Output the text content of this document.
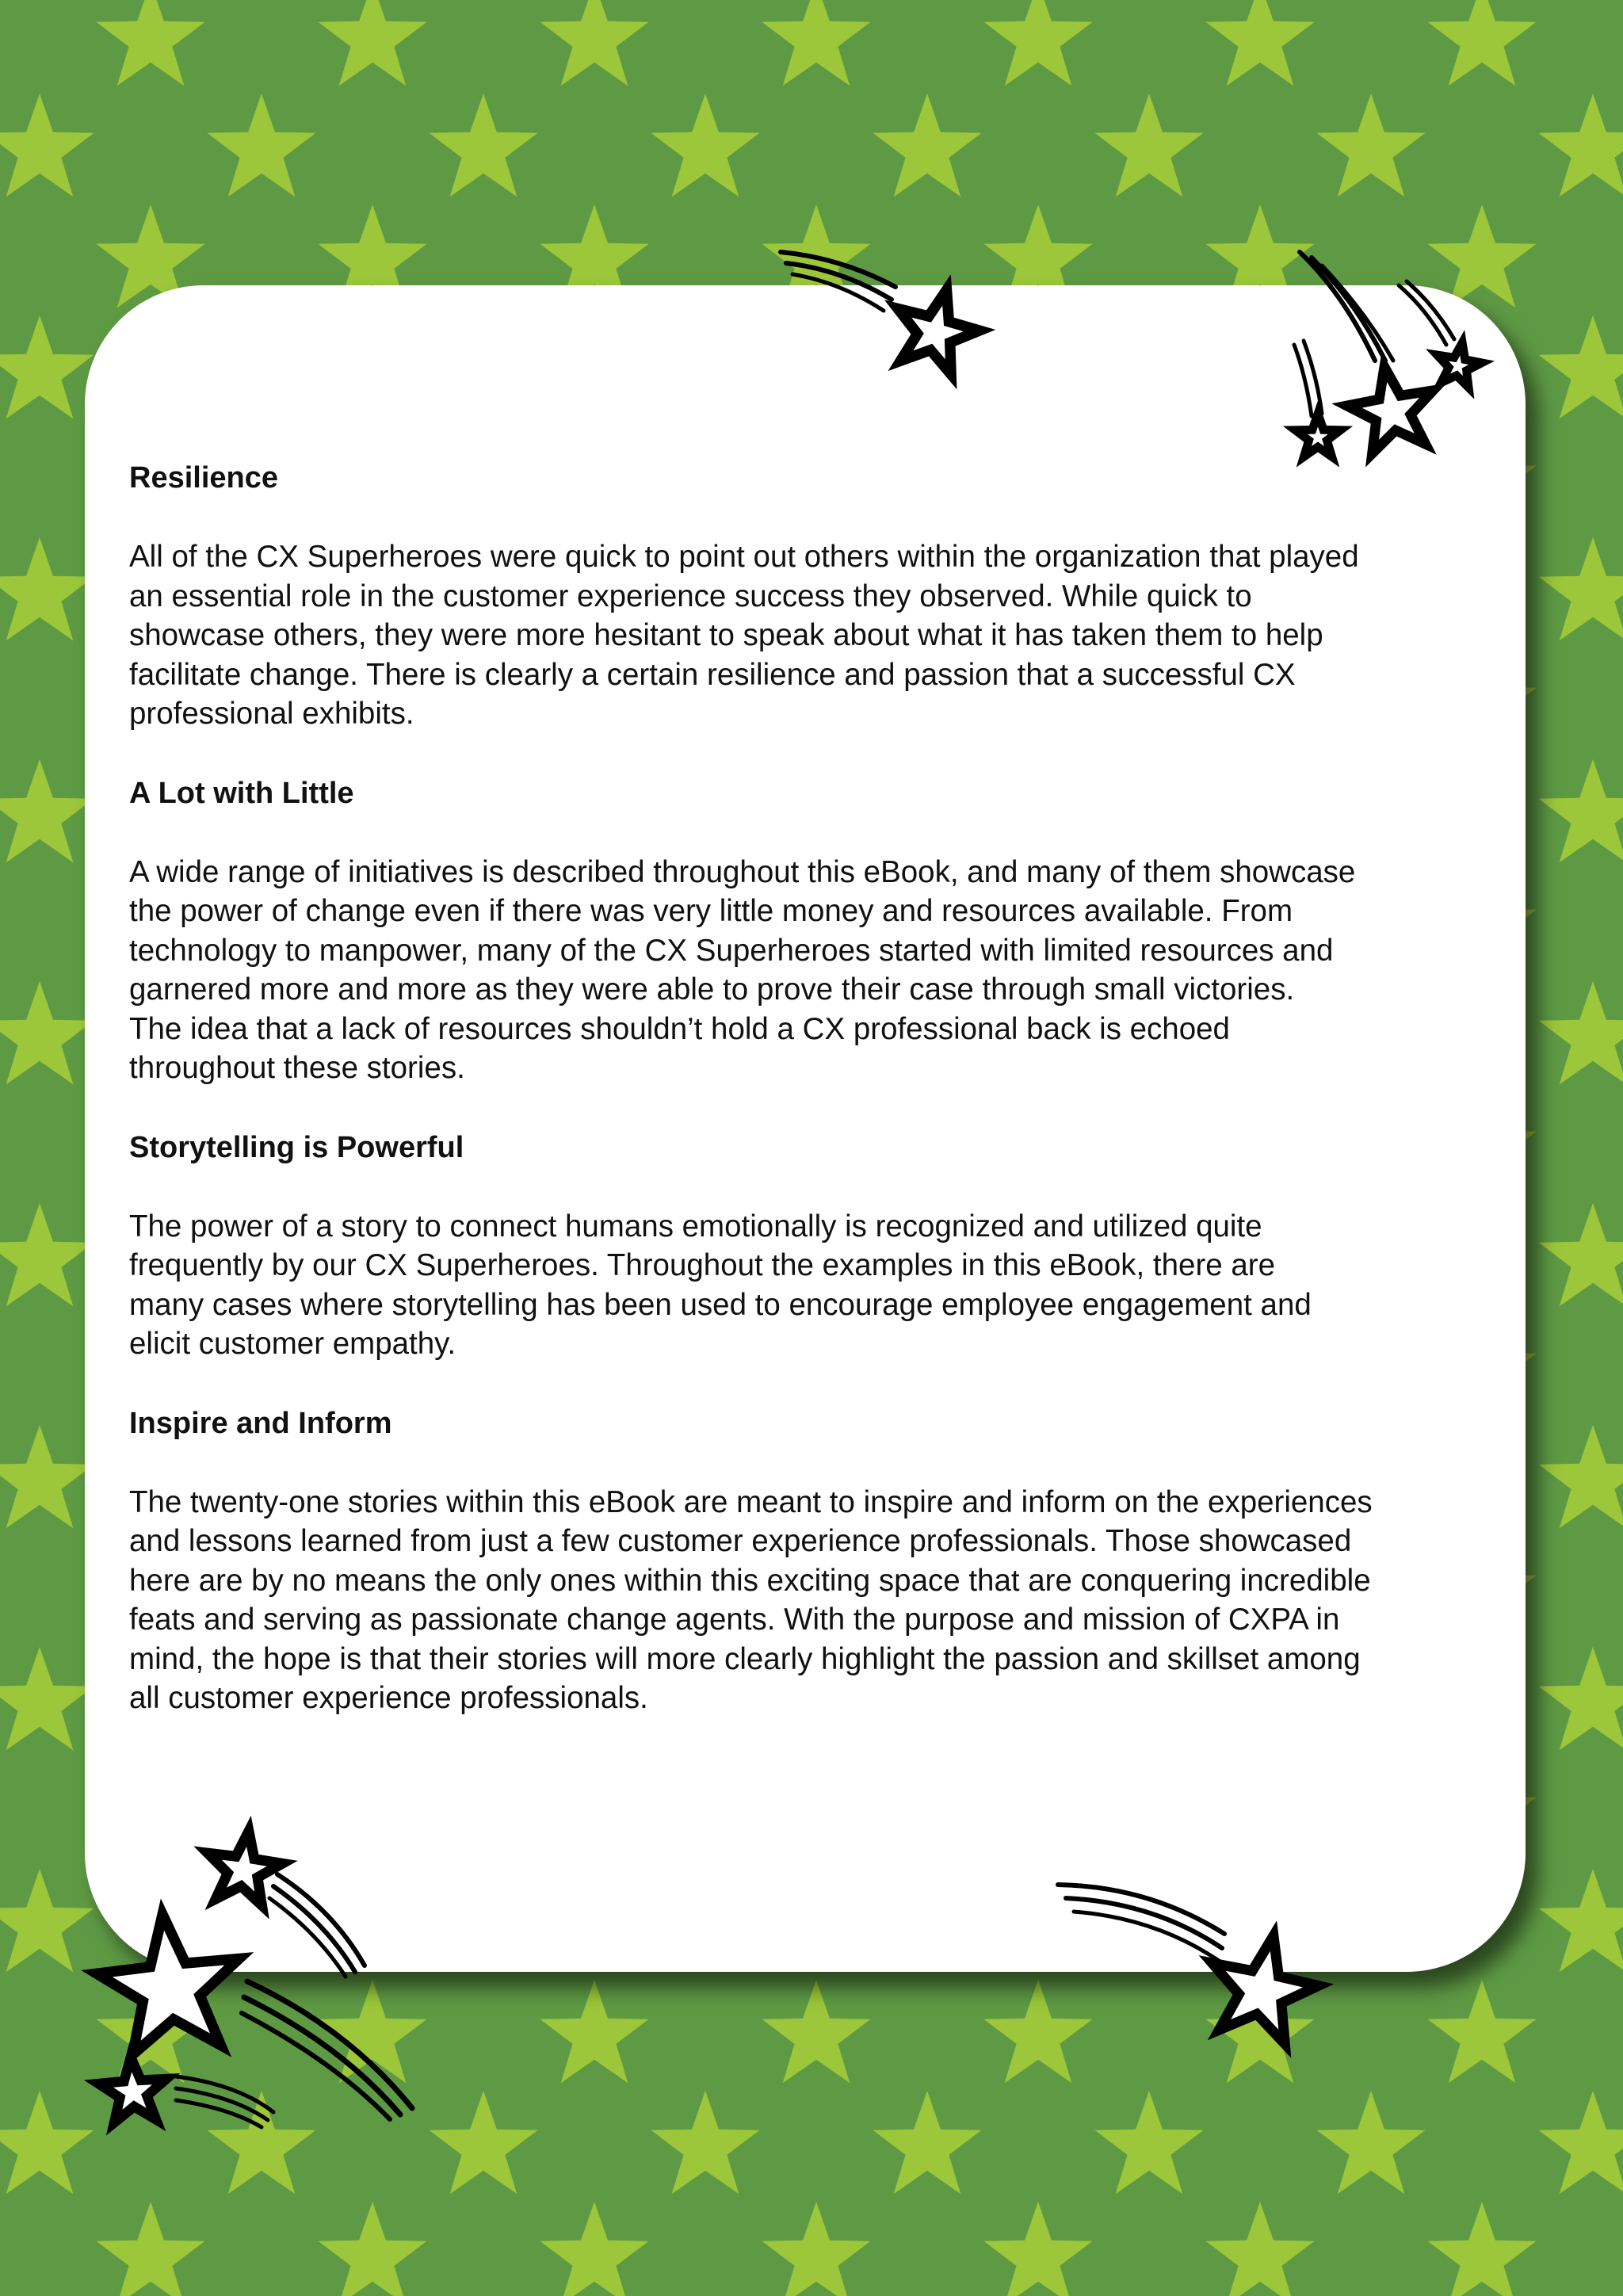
Resilience

All of the CX Superheroes were quick to point out others within the organization that played
an essential role in the customer experience success they observed. While quick to
showcase others, they were more hesitant to speak about what it has taken them to help
facilitate change. There is clearly a certain resilience and passion that a successful CX
professional exhibits.

A Lot with Little

A wide range of initiatives is described throughout this eBook, and many of them showcase
the power of change even if there was very little money and resources available. From
technology to manpower, many of the CX Superheroes started with limited resources and
garnered more and more as they were able to prove their case through small victories.
The idea that a lack of resources shouldn’t hold a CX professional back is echoed
throughout these stories.

Storytelling is Powerful

The power of a story to connect humans emotionally is recognized and utilized quite
frequently by our CX Superheroes. Throughout the examples in this eBook, there are
many cases where storytelling has been used to encourage employee engagement and
elicit customer empathy.

Inspire and Inform

The twenty-one stories within this eBook are meant to inspire and inform on the experiences
and lessons learned from just a few customer experience professionals. Those showcased
here are by no means the only ones within this exciting space that are conquering incredible
feats and serving as passionate change agents. With the purpose and mission of CXPA in
mind, the hope is that their stories will more clearly highlight the passion and skillset among
all customer experience professionals.
